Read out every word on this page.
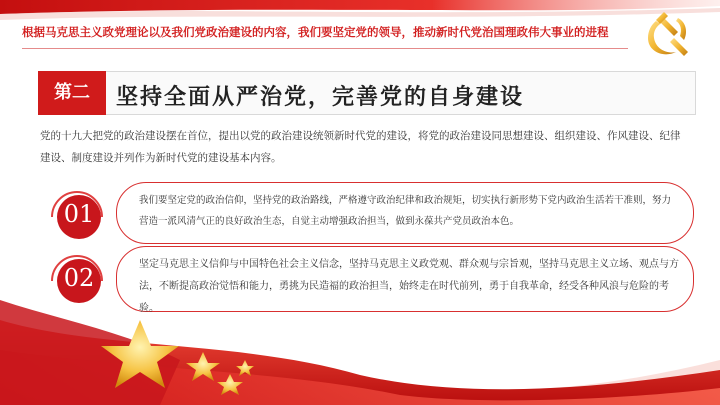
根据马克思主义政党理论以及我们党政治建设的内容，我们要坚定党的领导，推动新时代党治国理政伟大事业的进程
第二	坚持全面从严治党，完善党的自身建设
党的十九大把党的政治建设摆在首位，提出以党的政治建设统领新时代党的建设，将党的政治建设同思想建设、组织建设、作风建设、纪律建设、制度建设并列作为新时代党的建设基本内容。
01	我们要坚定党的政治信仰，坚持党的政治路线，严格遵守政治纪律和政治规矩，切实执行新形势下党内政治生活若干准则，努力营造一派风清气正的良好政治生态，自觉主动增强政治担当，做到永葆共产党员政治本色。
02	坚定马克思主义信仰与中国特色社会主义信念，坚持马克思主义政党观、群众观与宗旨观，坚持马克思主义立场、观点与方法，不断提高政治觉悟和能力，勇挑为民造福的政治担当，始终走在时代前列，勇于自我革命，经受各种风浪与危险的考验。
